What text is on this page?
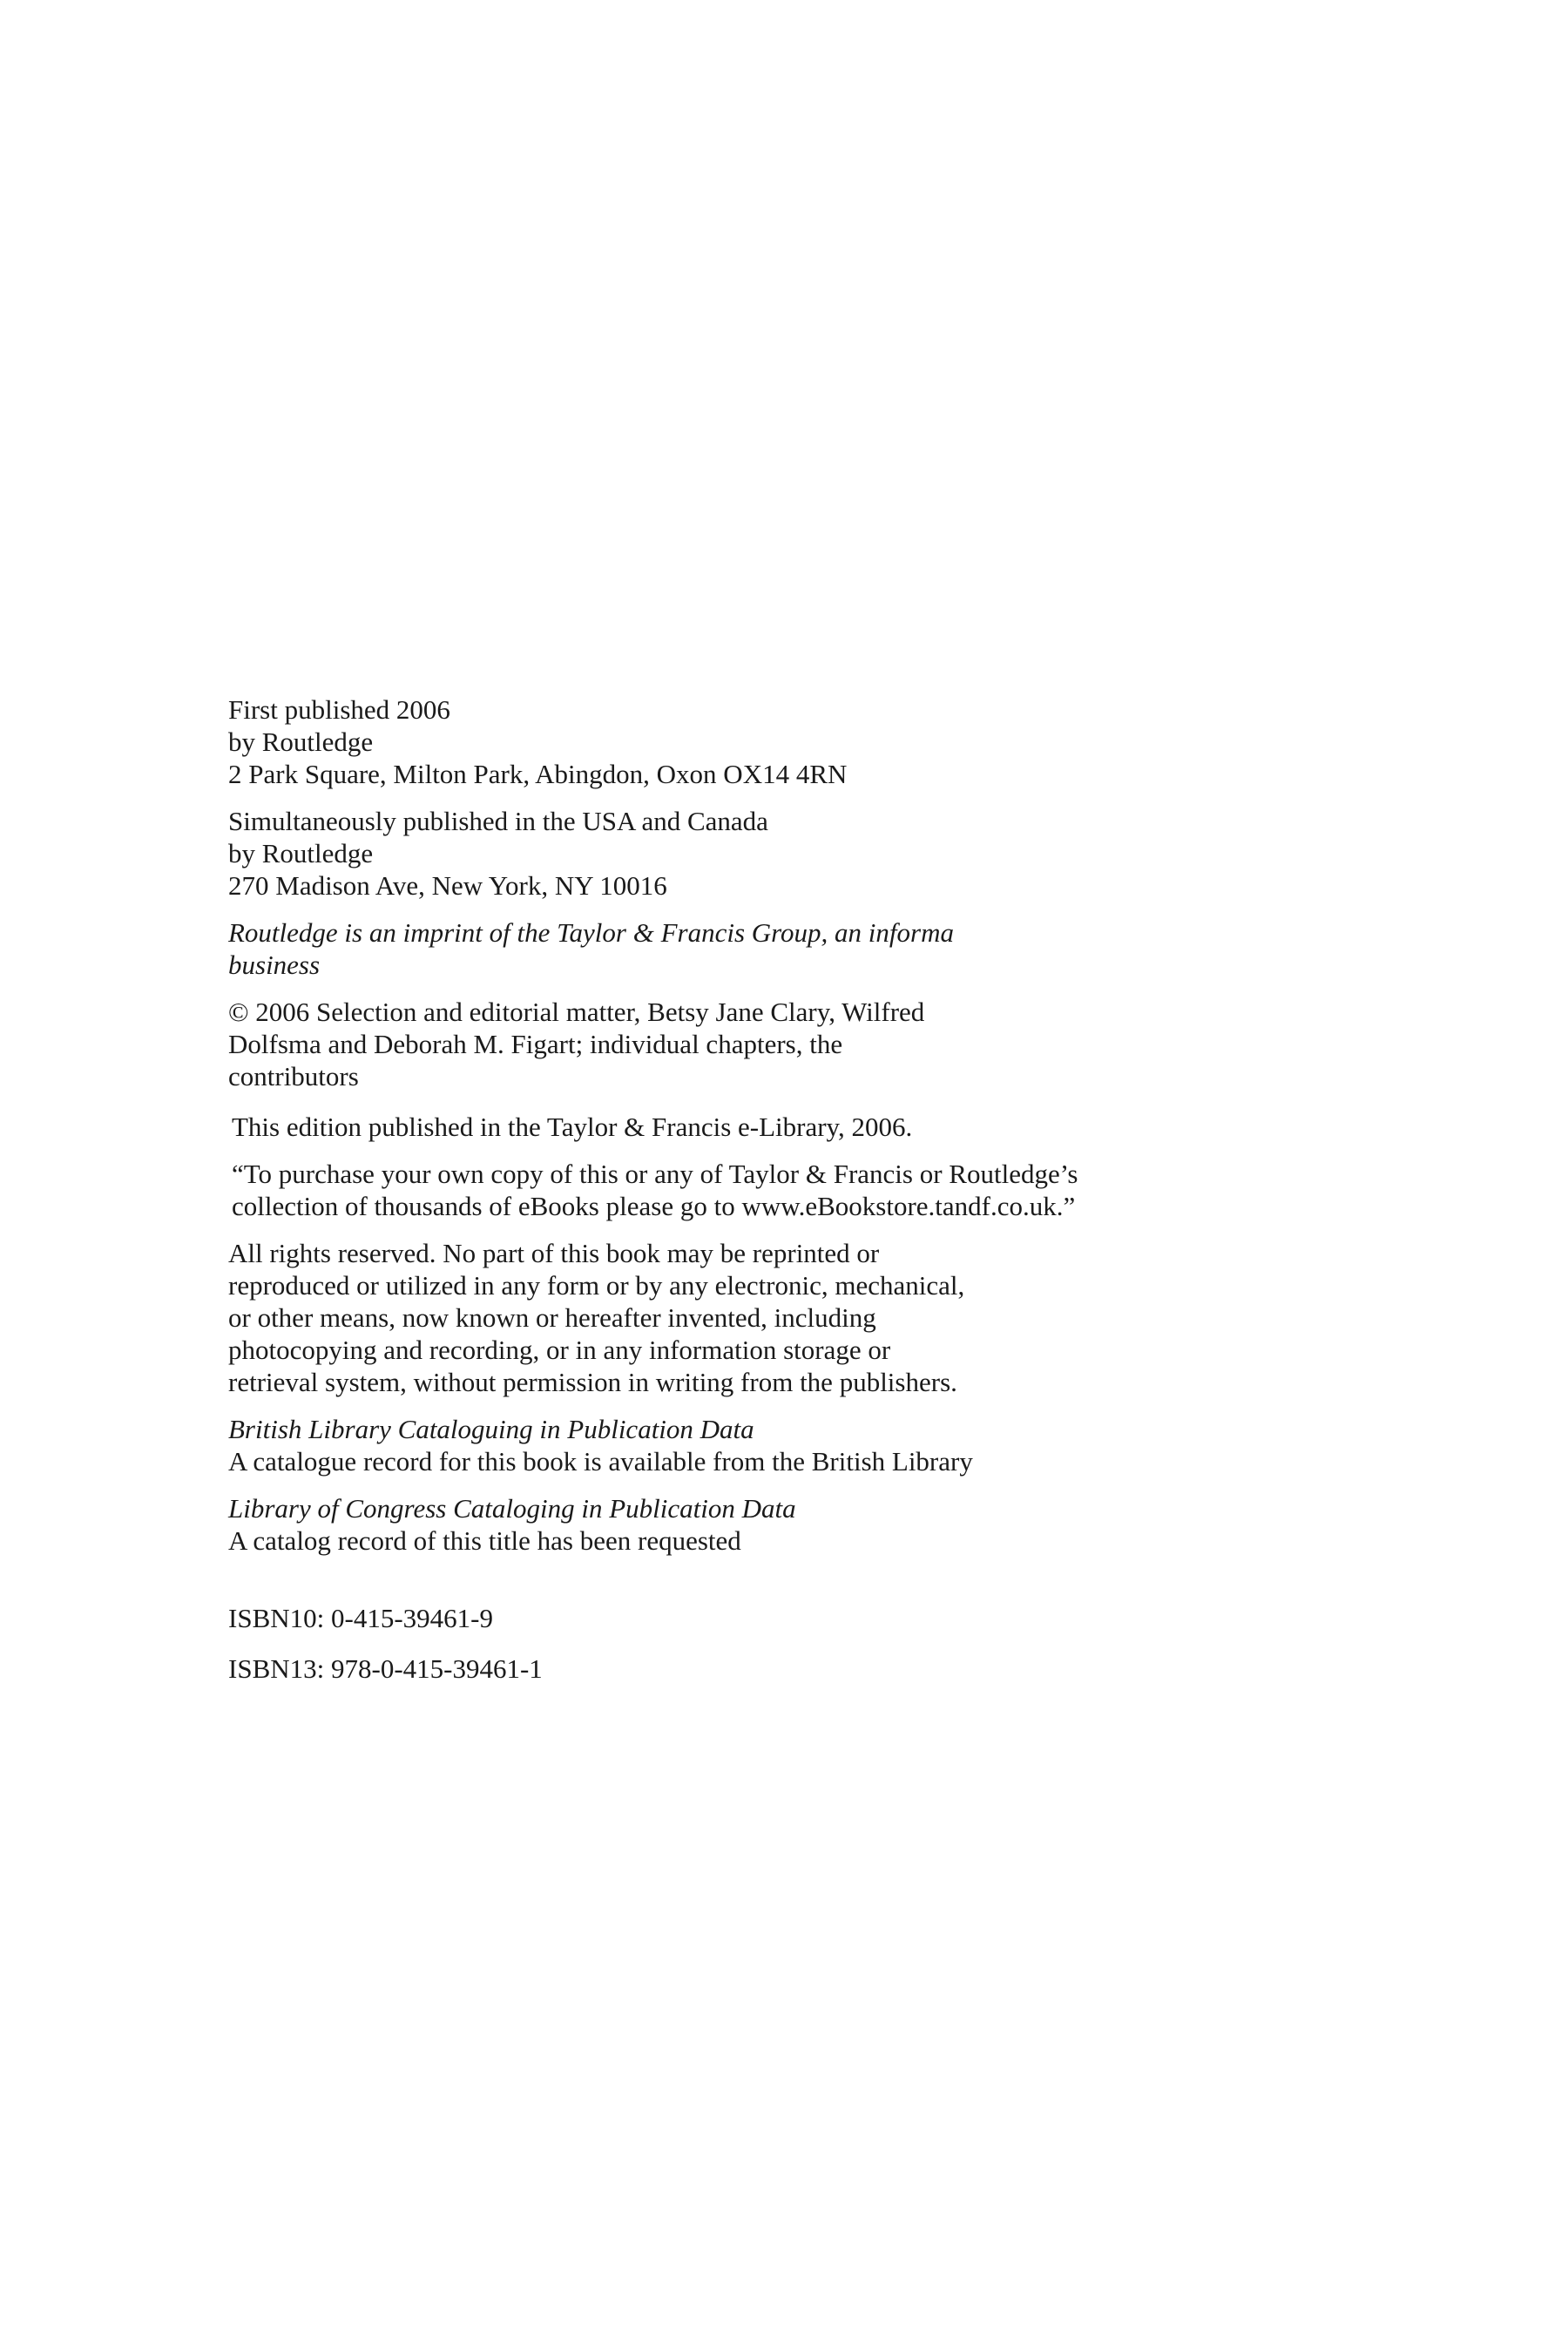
First published 2006
by Routledge
2 Park Square, Milton Park, Abingdon, Oxon OX14 4RN

Simultaneously published in the USA and Canada
by Routledge
270 Madison Ave, New York, NY 10016

Routledge is an imprint of the Taylor & Francis Group, an informa
business

© 2006 Selection and editorial matter, Betsy Jane Clary, Wilfred
Dolfsma and Deborah M. Figart; individual chapters, the
contributors

This edition published in the Taylor & Francis e-Library, 2006.

“To purchase your own copy of this or any of Taylor & Francis or Routledge’s
collection of thousands of eBooks please go to www.eBookstore.tandf.co.uk.”

All rights reserved. No part of this book may be reprinted or
reproduced or utilized in any form or by any electronic, mechanical,
or other means, now known or hereafter invented, including
photocopying and recording, or in any information storage or
retrieval system, without permission in writing from the publishers.

British Library Cataloguing in Publication Data
A catalogue record for this book is available from the British Library

Library of Congress Cataloging in Publication Data
A catalog record of this title has been requested

ISBN10: 0-415-39461-9

ISBN13: 978-0-415-39461-1
